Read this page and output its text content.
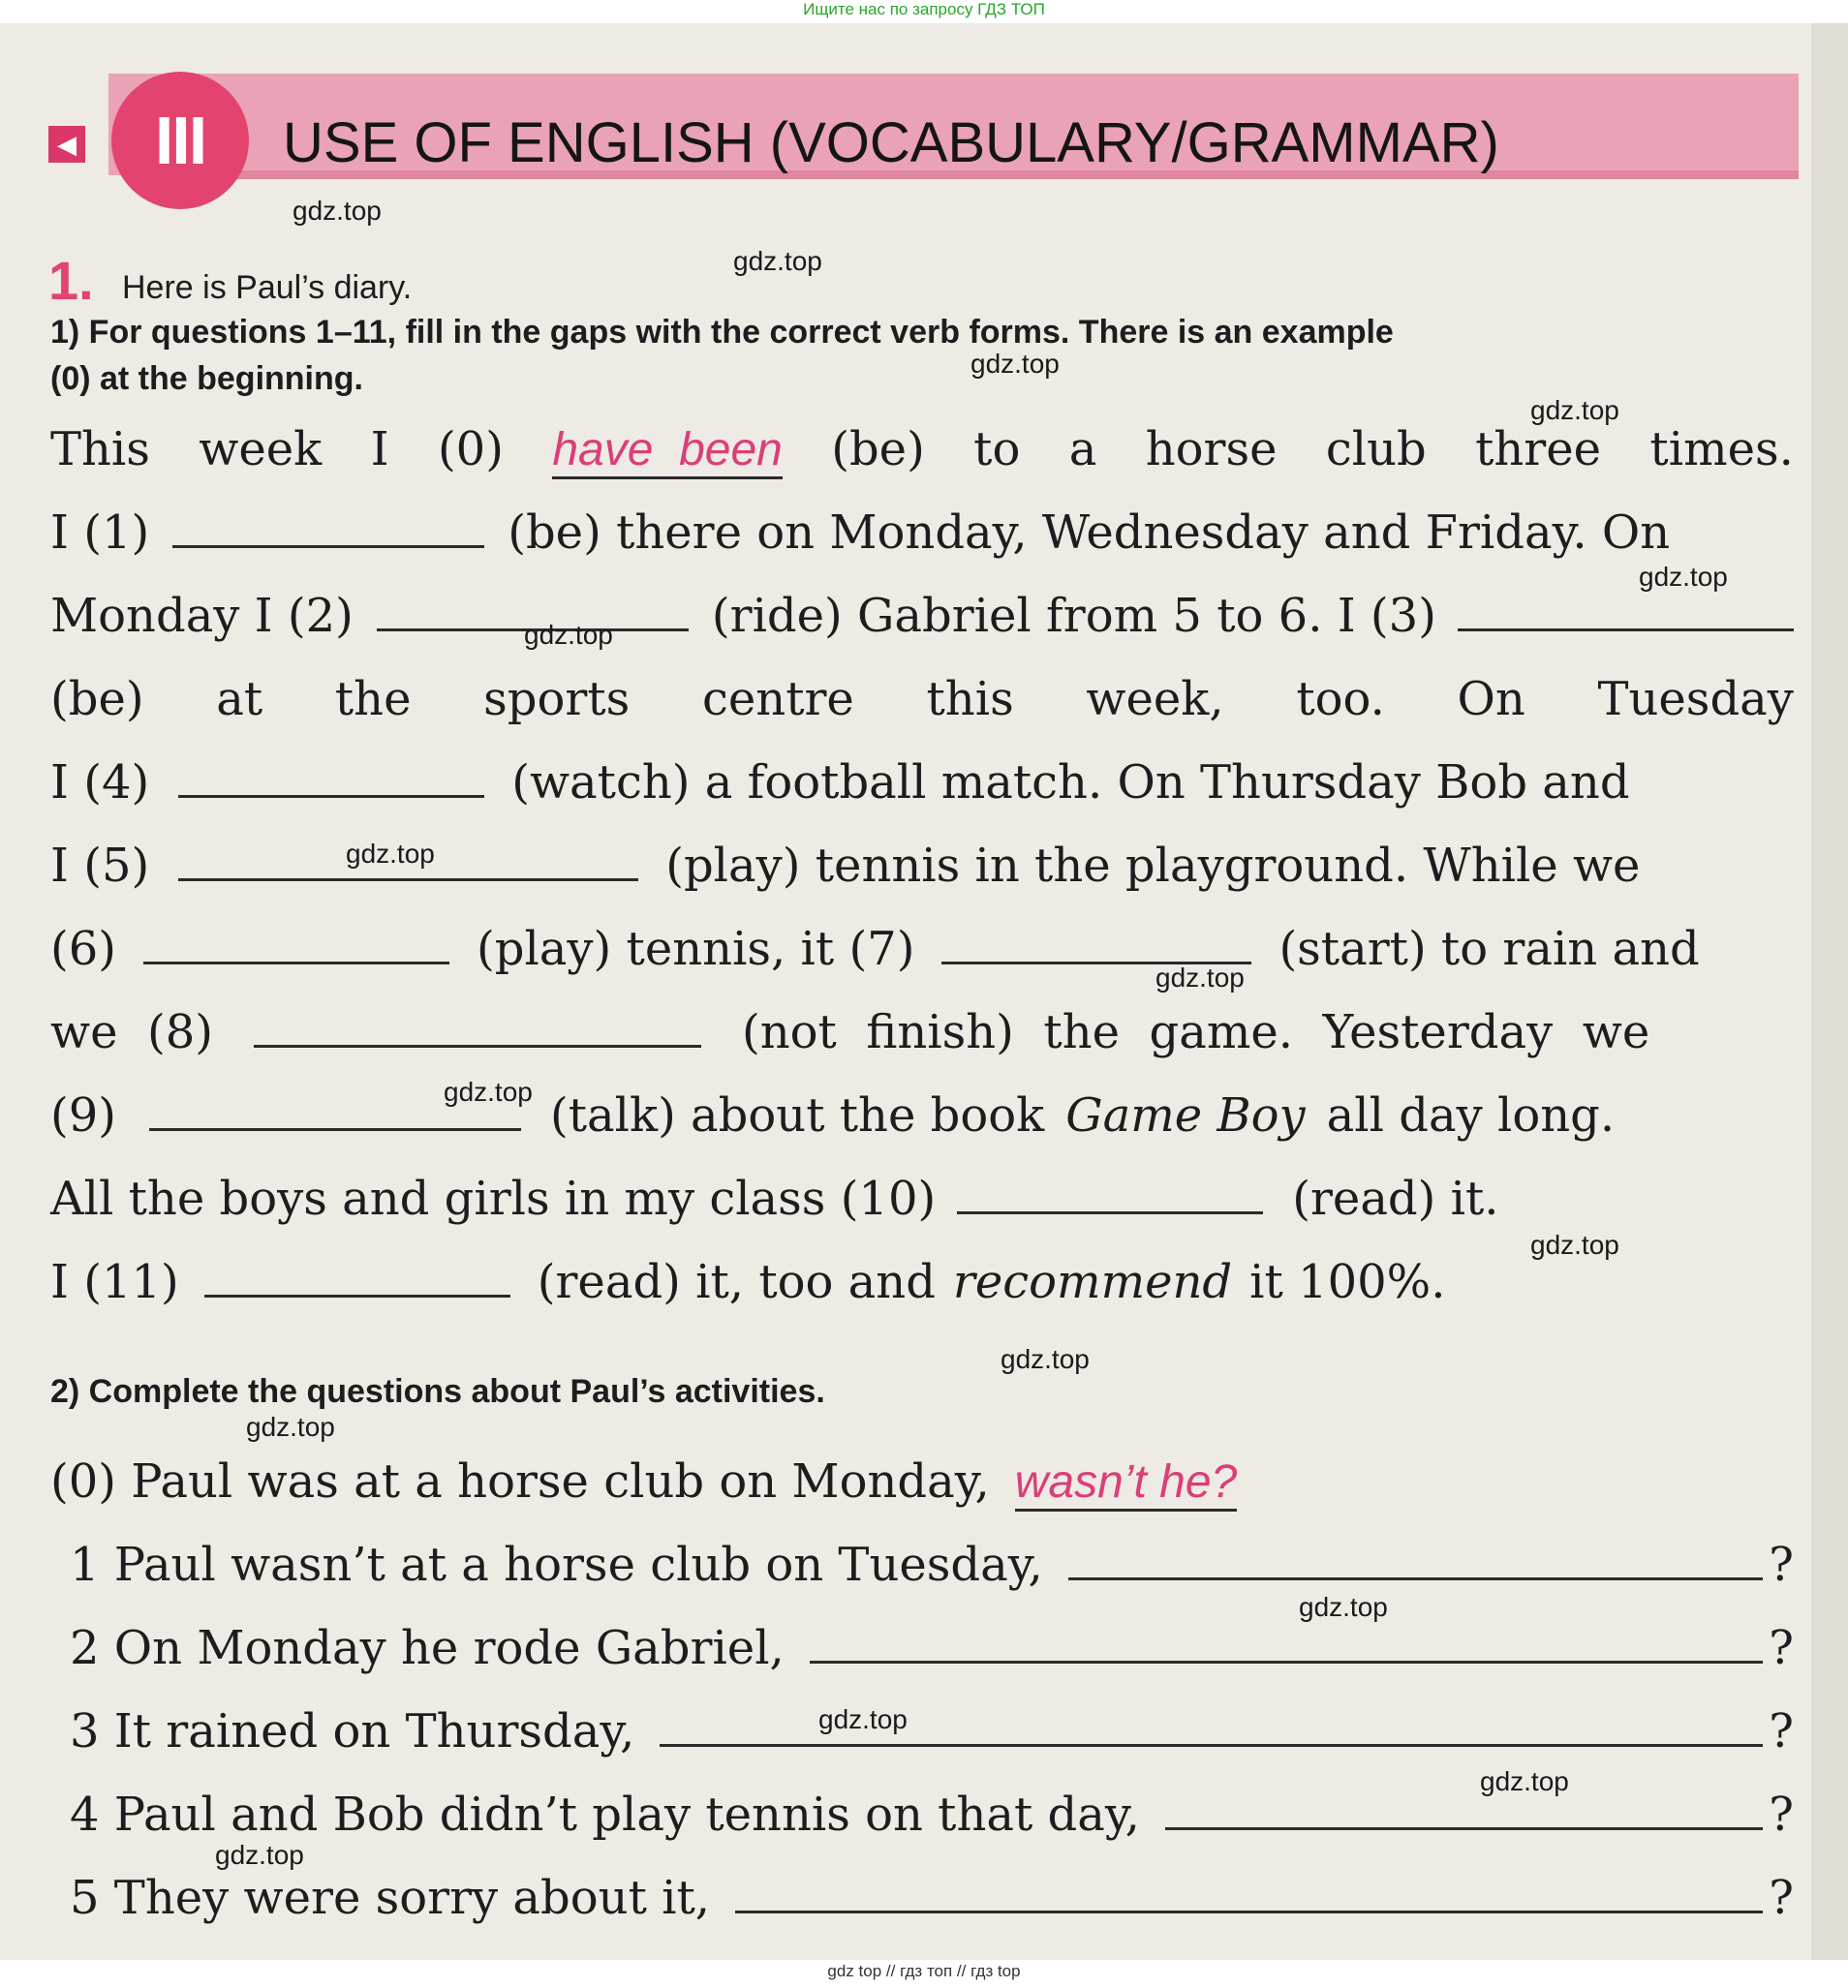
Ищите нас по запросу ГДЗ ТОП
◀	III	USE OF ENGLISH (VOCABULARY/GRAMMAR)
1. Here is Paul’s diary.
1) For questions 1–11, fill in the gaps with the correct verb forms. There is an example
(0) at the beginning.
This week I (0) have  been (be) to a horse club three times.
I (1)	(be) there on Monday, Wednesday and Friday. On
Monday I (2)	(ride) Gabriel from 5 to 6. I (3)
(be) at the sports centre this week, too. On Tuesday
I (4)	(watch) a football match. On Thursday Bob and
I (5)	(play) tennis in the playground. While we
(6)	(play) tennis, it (7)	(start) to rain and
we  (8)	(not  finish)  the  game.  Yesterday  we
(9)	(talk) about the book Game Boy all day long.
All the boys and girls in my class (10)	(read) it.
I (11)	(read) it, too and recommend it 100%.
2) Complete the questions about Paul’s activities.
(0) Paul was at a horse club on Monday, wasn’t he?
1 Paul wasn’t at a horse club on Tuesday,	?
2 On Monday he rode Gabriel,	?
3 It rained on Thursday,	?
4 Paul and Bob didn’t play tennis on that day,	?
5 They were sorry about it,	?
gdz.top
gdz.top
gdz.top
gdz.top
gdz.top
gdz.top
gdz.top
gdz.top
gdz.top
gdz.top
gdz.top
gdz.top
gdz.top
gdz.top
gdz.top
gdz.top
gdz top // гдз топ // гдз top
